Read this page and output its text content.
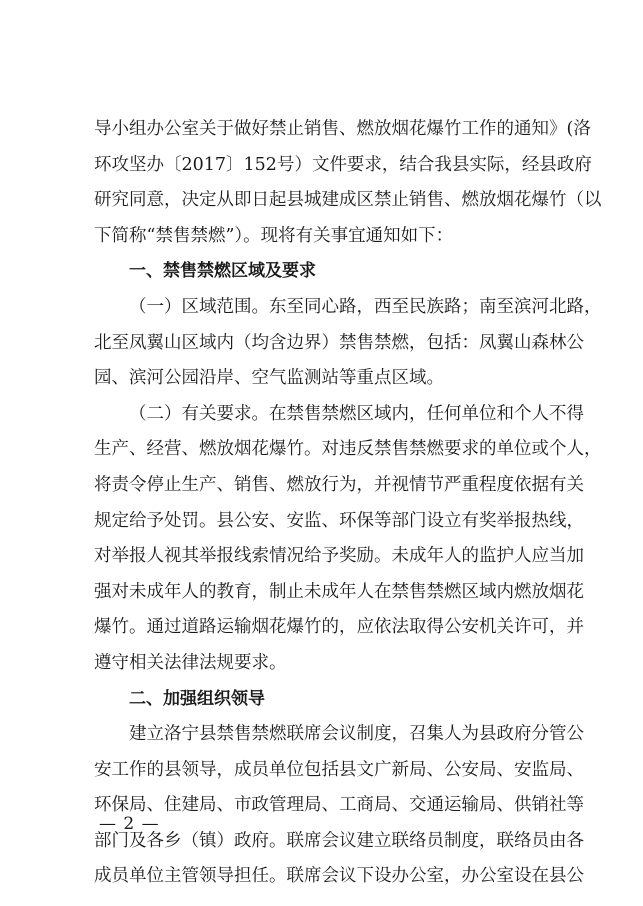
导小组办公室关于做好禁止销售、燃放烟花爆竹工作的通知》(洛
环攻坚办〔2017〕152号）文件要求，结合我县实际，经县政府
研究同意，决定从即日起县城建成区禁止销售、燃放烟花爆竹（以
下简称“禁售禁燃”）。现将有关事宜通知如下：
一、禁售禁燃区域及要求
（一）区域范围。东至同心路，西至民族路；南至滨河北路，
北至凤翼山区域内（均含边界）禁售禁燃，包括：凤翼山森林公
园、滨河公园沿岸、空气监测站等重点区域。
（二）有关要求。在禁售禁燃区域内，任何单位和个人不得
生产、经营、燃放烟花爆竹。对违反禁售禁燃要求的单位或个人，
将责令停止生产、销售、燃放行为，并视情节严重程度依据有关
规定给予处罚。县公安、安监、环保等部门设立有奖举报热线，
对举报人视其举报线索情况给予奖励。未成年人的监护人应当加
强对未成年人的教育，制止未成年人在禁售禁燃区域内燃放烟花
爆竹。通过道路运输烟花爆竹的，应依法取得公安机关许可，并
遵守相关法律法规要求。
二、加强组织领导
建立洛宁县禁售禁燃联席会议制度，召集人为县政府分管公
安工作的县领导，成员单位包括县文广新局、公安局、安监局、
环保局、住建局、市政管理局、工商局、交通运输局、供销社等
部门及各乡（镇）政府。联席会议建立联络员制度，联络员由各
成员单位主管领导担任。联席会议下设办公室，办公室设在县公
— 2 —
